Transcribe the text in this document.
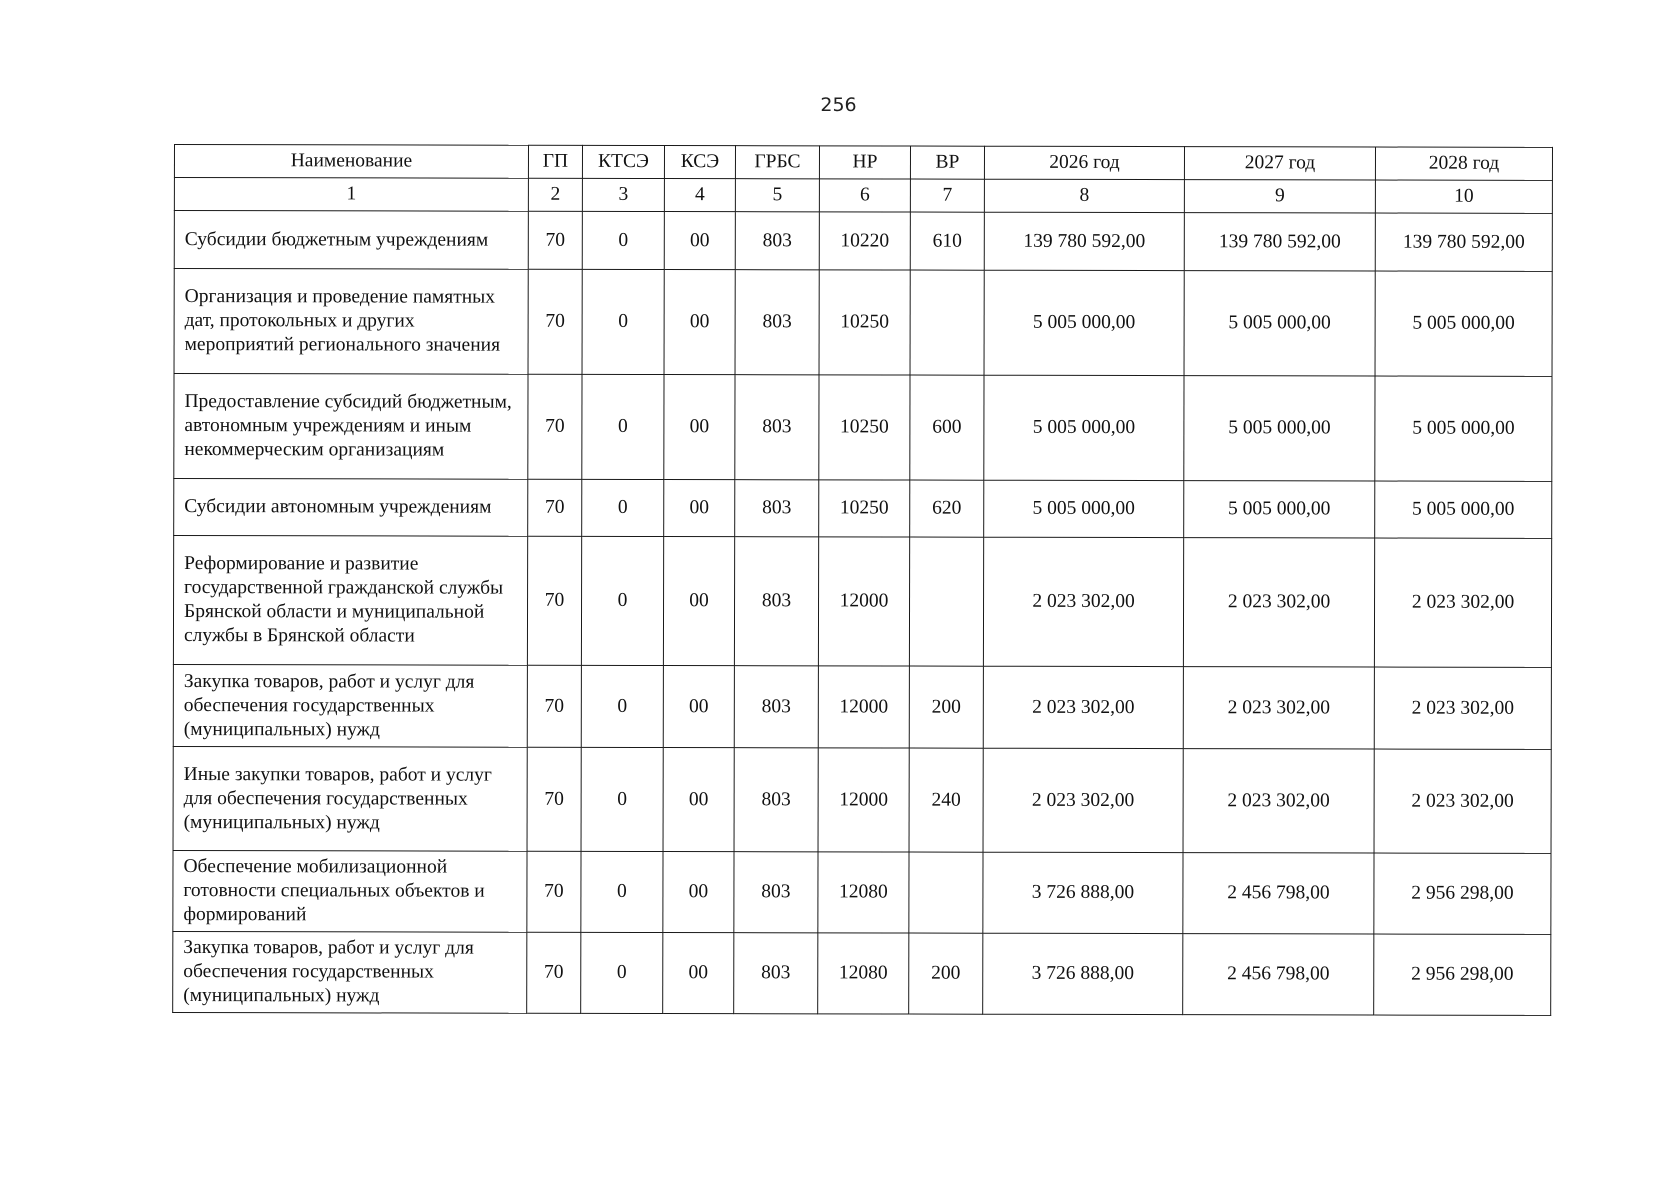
256
Наименование	ГП	КТСЭ	КСЭ	ГРБС	НР	ВР	2026 год	2027 год	2028 год
1	2	3	4	5	6	7	8	9	10
Субсидии бюджетным учреждениям	70	0	00	803	10220	610	139 780 592,00	139 780 592,00	139 780 592,00
Организация и проведение памятных дат, протокольных и других мероприятий регионального значения	70	0	00	803	10250		5 005 000,00	5 005 000,00	5 005 000,00
Предоставление субсидий бюджетным, автономным учреждениям и иным некоммерческим организациям	70	0	00	803	10250	600	5 005 000,00	5 005 000,00	5 005 000,00
Субсидии автономным учреждениям	70	0	00	803	10250	620	5 005 000,00	5 005 000,00	5 005 000,00
Реформирование и развитие государственной гражданской службы Брянской области и муниципальной службы в Брянской области	70	0	00	803	12000		2 023 302,00	2 023 302,00	2 023 302,00
Закупка товаров, работ и услуг для обеспечения государственных (муниципальных) нужд	70	0	00	803	12000	200	2 023 302,00	2 023 302,00	2 023 302,00
Иные закупки товаров, работ и услуг для обеспечения государственных (муниципальных) нужд	70	0	00	803	12000	240	2 023 302,00	2 023 302,00	2 023 302,00
Обеспечение мобилизационной готовности специальных объектов и формирований	70	0	00	803	12080		3 726 888,00	2 456 798,00	2 956 298,00
Закупка товаров, работ и услуг для обеспечения государственных (муниципальных) нужд	70	0	00	803	12080	200	3 726 888,00	2 456 798,00	2 956 298,00
